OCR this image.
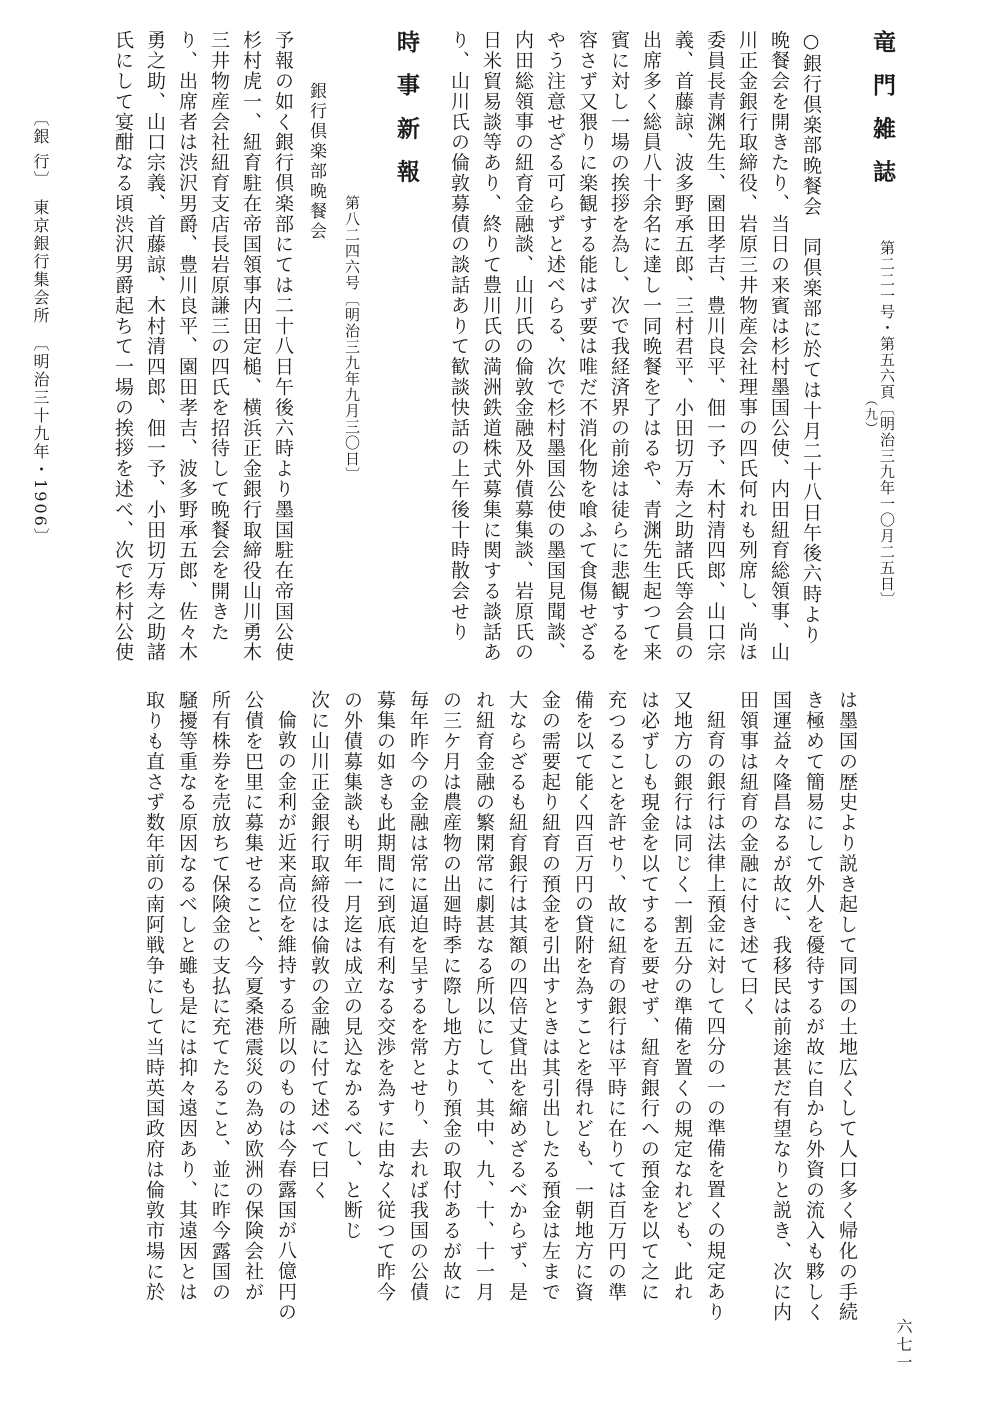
竜 門 雑 誌
第二二一号・第五六頁〔明治三九年一〇月二五日〕
（九）
○銀行倶楽部晩餐会　同倶楽部に於ては十月二十八日午後六時より
晩餐会を開きたり、当日の来賓は杉村墨国公使、内田紐育総領事、山
川正金銀行取締役、岩原三井物産会社理事の四氏何れも列席し、尚ほ
委員長青渊先生、園田孝吉、豊川良平、佃一予、木村清四郎、山口宗
義、首藤諒、波多野承五郎、三村君平、小田切万寿之助諸氏等会員の
出席多く総員八十余名に達し一同晩餐を了はるや、青渊先生起つて来
賓に対し一場の挨拶を為し、次で我経済界の前途は徒らに悲観するを
容さず又猥りに楽観する能はず要は唯だ不消化物を喰ふて食傷せざる
やう注意せざる可らずと述べらる、次で杉村墨国公使の墨国見聞談、
内田総領事の紐育金融談、山川氏の倫敦金融及外債募集談、岩原氏の
日米貿易談等あり、終りて豊川氏の満洲鉄道株式募集に関する談話あ
り、山川氏の倫敦募債の談話ありて歓談快話の上午後十時散会せり
時 事 新 報
第八二四六号〔明治三九年九月三〇日〕
銀行倶楽部晩餐会
予報の如く銀行倶楽部にては二十八日午後六時より墨国駐在帝国公使
杉村虎一、紐育駐在帝国領事内田定槌、横浜正金銀行取締役山川勇木
三井物産会社紐育支店長岩原謙三の四氏を招待して晩餐会を開きた
り、出席者は渋沢男爵、豊川良平、園田孝吉、波多野承五郎、佐々木
勇之助、山口宗義、首藤諒、木村清四郎、佃一予、小田切万寿之助諸
氏にして宴酣なる頃渋沢男爵起ちて一場の挨拶を述べ、次で杉村公使
〔銀 行〕　東京銀行集会所　〔明治三十九年・1906〕
は墨国の歴史より説き起して同国の土地広くして人口多く帰化の手続
き極めて簡易にして外人を優待するが故に自から外資の流入も夥しく
国運益々隆昌なるが故に、我移民は前途甚だ有望なりと説き、次に内
田領事は紐育の金融に付き述て曰く
紐育の銀行は法律上預金に対して四分の一の準備を置くの規定あり
又地方の銀行は同じく一割五分の準備を置くの規定なれども、此れ
は必ずしも現金を以てするを要せず、紐育銀行への預金を以て之に
充つることを許せり、故に紐育の銀行は平時に在りては百万円の準
備を以て能く四百万円の貸附を為すことを得れども、一朝地方に資
金の需要起り紐育の預金を引出すときは其引出したる預金は左まで
大ならざるも紐育銀行は其額の四倍丈貸出を縮めざるべからず、是
れ紐育金融の繁閑常に劇甚なる所以にして、其中、九、十、十一月
の三ケ月は農産物の出廻時季に際し地方より預金の取付あるが故に
毎年昨今の金融は常に逼迫を呈するを常とせり、去れば我国の公債
募集の如きも此期間に到底有利なる交渉を為すに由なく従つて昨今
の外債募集談も明年一月迄は成立の見込なかるべし、と断じ
次に山川正金銀行取締役は倫敦の金融に付て述べて曰く
倫敦の金利が近来高位を維持する所以のものは今春露国が八億円の
公債を巴里に募集せること、今夏桑港震災の為め欧洲の保険会社が
所有株券を売放ちて保険金の支払に充てたること、並に昨今露国の
騒擾等重なる原因なるべしと雖も是には抑々遠因あり、其遠因とは
取りも直さず数年前の南阿戦争にして当時英国政府は倫敦市場に於
六七一
